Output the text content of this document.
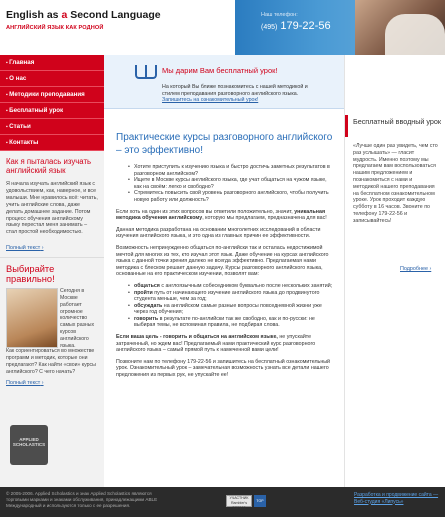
English as a Second Language
АНГЛИЙСКИЙ ЯЗЫК КАК РОДНОЙ
Наш телефон:
(495) 179-22-56
▪ Главная
▪ О нас
▪ Методики преподавания
▪ Бесплатный урок
▪ Статьи
▪ Контакты
Как я пыталась изучать английский язык
Я начала изучать английский язык с удовольствием, как, наверное, и все малыши. Мне нравилось всё: читать, учить английские слова, даже делать домашнее задание. Потом процесс обучения английскому языку перестал меня занимать – стал простой необходимостью.
Полный текст ›
Выбирайте правильно!
Сегодня в Москве работает огромное количество самых разных курсов английского языка.
Как сориентироваться во множестве программ и методик, которые они предлагают? Как найти «свои» курсы английского? С чего начать?
Полный текст ›
APPLIED SCHOLASTICS
Мы дарим Вам бесплатный урок!
На который Вы ближе познакомитесь с нашей методикой и стилем преподавания разговорного английского языка. Запишитесь на ознакомительный урок!
Практические курсы разговорного английского – это эффективно!
• Хотите приступить к изучению языка и быстро достичь заметных результатов в разговорном английском?
• Ищете в Москве курсы английского языка, где учат общаться на чужом языке, как на своём: легко и свободно?
• Стремитесь повысить свой уровень разговорного английского, чтобы получить новую работу или должность?
Если хоть на один из этих вопросов вы ответили положительно, значит, уникальная методика обучения английскому, которую мы предлагаем, предназначена для вас!
Данная методика разработана на основании многолетних исследований в области изучения английского языка, и это одна из главных причин ее эффективности.
Возможность непринужденно общаться по-английски так и осталась недостижимой мечтой для многих из тех, кто изучал этот язык. Даже обучение на курсах английского языка с данной точки зрения далеко не всегда эффективно. Предлагаемая нами методика с блеском решает данную задачу. Курсы разговорного английского языка, основанные на его практическом изучении, позволят вам:
• общаться с англоязычным собеседником буквально после нескольких занятий;
• пройти путь от начинающего изучение английского языка до продвинутого студента меньше, чем за год;
• обсуждать на английском самые разные вопросы повседневной жизни уже через год обучения;
• говорить в результате по-английски так же свободно, как и по-русски: не выбирая темы, не вспоминая правила, не подбирая слова.
Если ваша цель - говорить и общаться на английском языке, не упускайте затраченный, но ждем вас! Предлагаемый нами практический курс разговорного английского языка – самый прямой путь к намеченной вами цели!
Позвоните нам по телефону 179-22-56 и запишитесь на бесплатный ознакомительный урок. Ознакомительный урок – замечательная возможность узнать все детали нашего предложения из первых рук, не упускайте ее!
Бесплатный вводный урок
«Лучше один раз увидеть, чем сто раз услышать» — гласит мудрость. Именно поэтому мы предлагаем вам воспользоваться нашим предложением и познакомиться с нами и методикой нашего преподавания на бесплатном ознакомительном уроке. Урок проходит каждую субботу в 16 часов. Звоните по телефону 179-22-56 и записывайтесь!
Подробнее ›
© 2005-2006. Applied Scholastics и знак Applied Scholastics являются торговыми марками и знаками обслуживания, принадлежащими ABLE Международный и используются только с ее разрешения.
УЧАСТНИК Rambler's TOP100
TOP
Разработка и продвижение сайта — Веб-студия «Липусь»
